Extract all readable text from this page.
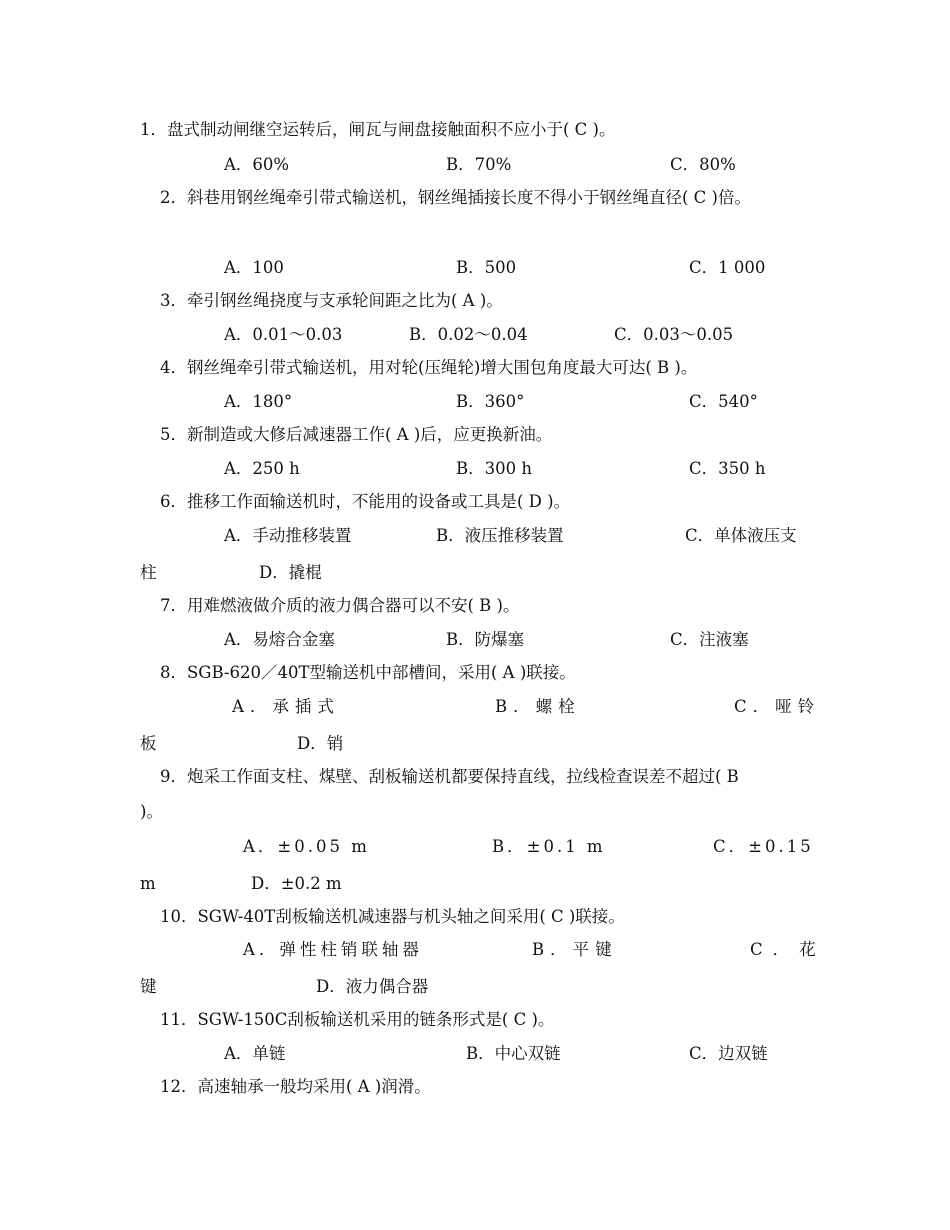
1．盘式制动闸继空运转后，闸瓦与闸盘接触面积不应小于( C )。
A．60%	B．70%	C．80%
2．斜巷用钢丝绳牵引带式输送机，钢丝绳插接长度不得小于钢丝绳直径( C )倍。
A．100	B．500	C．1 000
3．牵引钢丝绳挠度与支承轮间距之比为( A )。
A．0.01～0.03	B．0.02～0.04	C．0.03～0.05
4．钢丝绳牵引带式输送机，用对轮(压绳轮)增大围包角度最大可达( B )。
A．180°	B．360°	C．540°
5．新制造或大修后减速器工作( A )后，应更换新油。
A．250 h	B．300 h	C．350 h
6．推移工作面输送机时，不能用的设备或工具是( D )。
A．手动推移装置	B．液压推移装置	C．单体液压支
柱	D．撬棍
7．用难燃液做介质的液力偶合器可以不安( B )。
A．易熔合金塞	B．防爆塞	C．注液塞
8．SGB-620／40T型输送机中部槽间，采用( A )联接。
A．承插式	B．螺栓	C．哑铃
板	D．销
9．炮采工作面支柱、煤壁、刮板输送机都要保持直线，拉线检查误差不超过( B
)。
A．±0.05 m	B．±0.1 m	C．±0.15
m	D．±0.2 m
10．SGW-40T刮板输送机减速器与机头轴之间采用( C )联接。
A．弹性柱销联轴器	B．平键	C．花
键	D．液力偶合器
11．SGW-150C刮板输送机采用的链条形式是( C )。
A．单链	B．中心双链	C．边双链
12．高速轴承一般均采用( A )润滑。
